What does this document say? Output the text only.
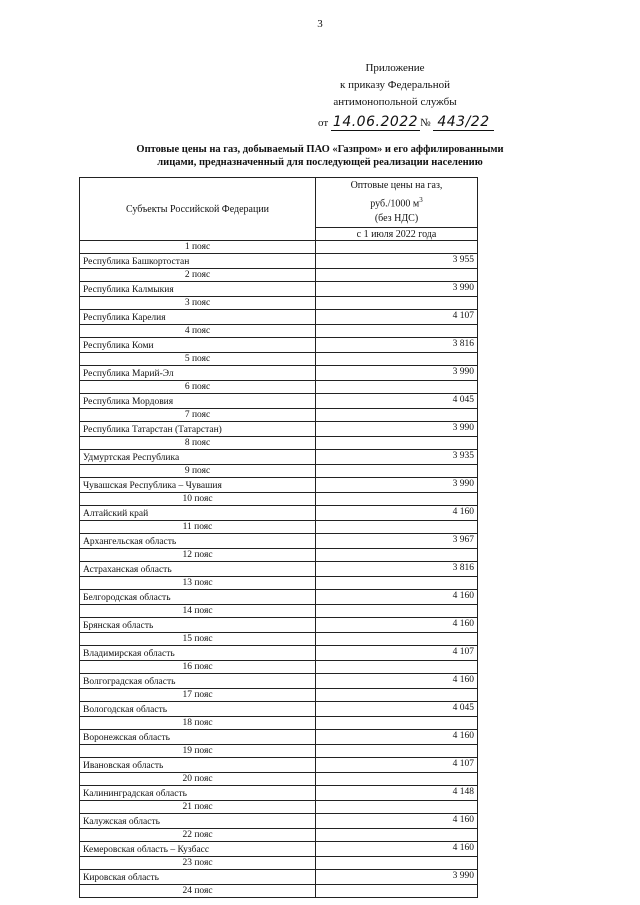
3
Приложение
к приказу Федеральной
антимонопольной службы
от 14.06.2022 № 443/22
Оптовые цены на газ, добываемый ПАО «Газпром» и его аффилированными
лицами, предназначенный для последующей реализации населению
Субъекты Российской Федерации	Оптовые цены на газ,
руб./1000 $м^3$
(без НДС)

	с 1 июля 2022 года
1 пояс	
Республика Башкортостан	3 955
2 пояс	
Республика Калмыкия	3 990
3 пояс	
Республика Карелия	4 107
4 пояс	
Республика Коми	3 816
5 пояс	
Республика Марий-Эл	3 990
6 пояс	
Республика Мордовия	4 045
7 пояс	
Республика Татарстан (Татарстан)	3 990
8 пояс	
Удмуртская Республика	3 935
9 пояс	
Чувашская Республика – Чувашия	3 990
10 пояс	
Алтайский край	4 160
11 пояс	
Архангельская область	3 967
12 пояс	
Астраханская область	3 816
13 пояс	
Белгородская область	4 160
14 пояс	
Брянская область	4 160
15 пояс	
Владимирская область	4 107
16 пояс	
Волгоградская область	4 160
17 пояс	
Вологодская область	4 045
18 пояс	
Воронежская область	4 160
19 пояс	
Ивановская область	4 107
20 пояс	
Калининградская область	4 148
21 пояс	
Калужская область	4 160
22 пояс	
Кемеровская область – Кузбасс	4 160
23 пояс	
Кировская область	3 990
24 пояс	
